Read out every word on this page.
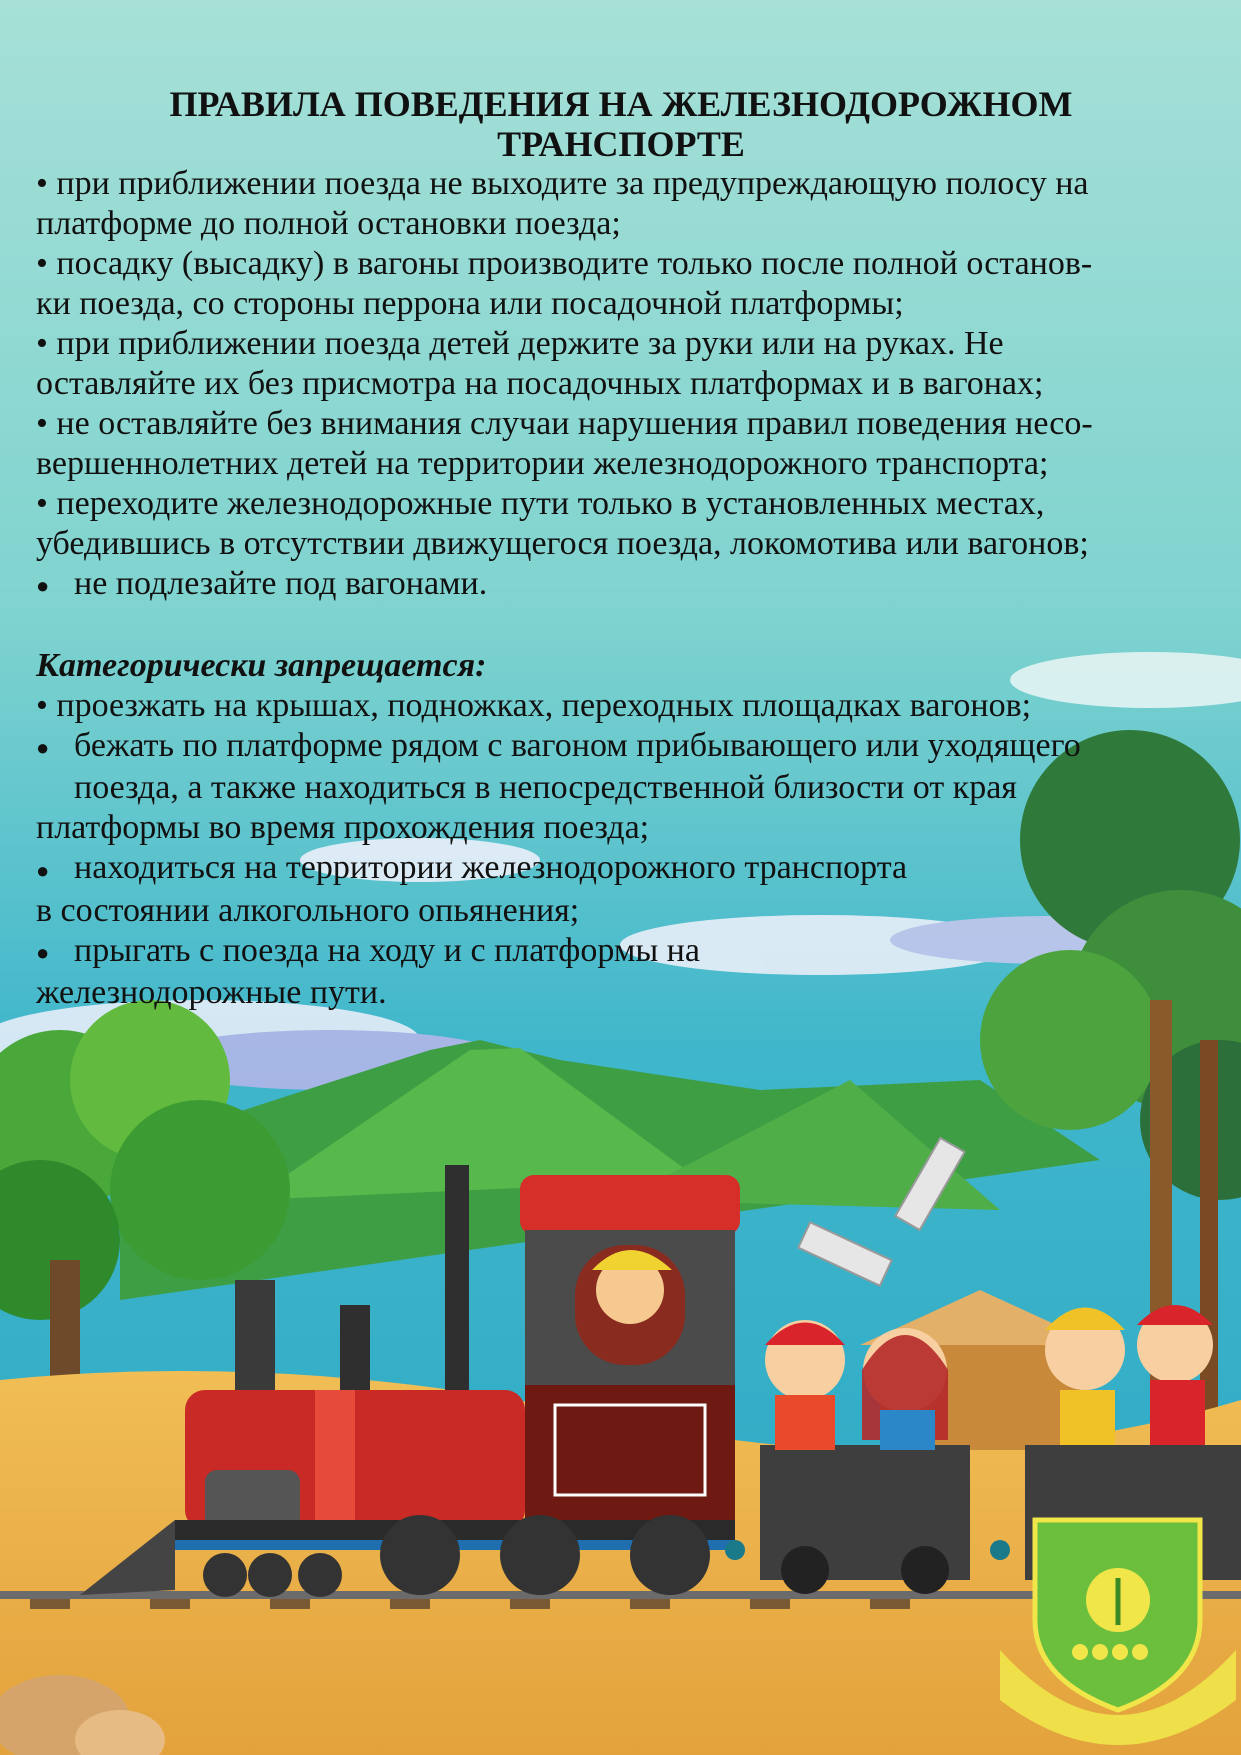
ПРАВИЛА ПОВЕДЕНИЯ НА ЖЕЛЕЗНОДОРОЖНОМ

ТРАНСПОРТЕ

• при приближении поезда не выходите за предупреждающую полосу на

платформе до полной остановки поезда;

• посадку (высадку) в вагоны производите только после полной останов-

ки поезда, со стороны перрона или посадочной платформы;

• при приближении поезда детей держите за руки или на руках. Не

оставляйте их без присмотра на посадочных платформах и в вагонах;

• не оставляйте без внимания случаи нарушения правил поведения несо-

вершеннолетних детей на территории железнодорожного транспорта;

• переходите железнодорожные пути только в установленных местах,

убедившись в отсутствии движущегося поезда, локомотива или вагонов;

● не подлезайте под вагонами.

Категорически запрещается:

• проезжать на крышах, подножках, переходных площадках вагонов;

● бежать по платформе рядом с вагоном прибывающего или уходящего

поезда, а также находиться в непосредственной близости от края

платформы во время прохождения поезда;

● находиться на территории железнодорожного транспорта

в состоянии алкогольного опьянения;

● прыгать с поезда на ходу и с платформы на

железнодорожные пути.
